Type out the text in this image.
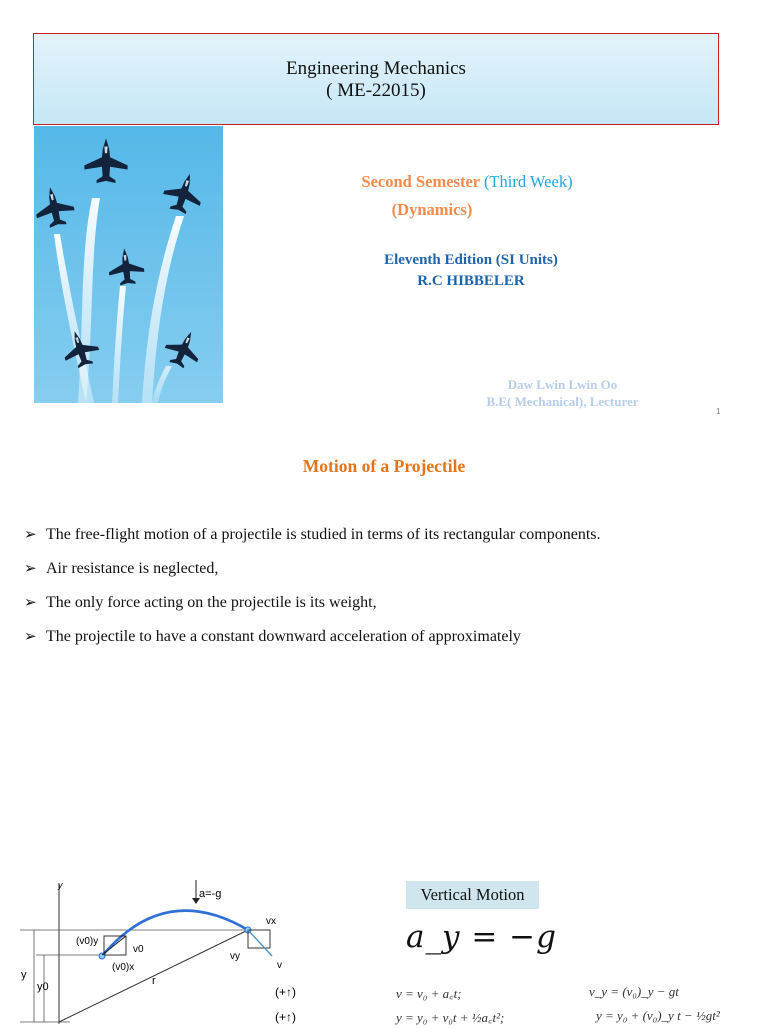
Engineering Mechanics
( ME-22015)
Second Semester (Third Week)
(Dynamics)
Eleventh Edition (SI Units)
R.C HIBBELER
Daw Lwin Lwin Oo
B.E( Mechanical), Lecturer
1
Motion of a Projectile
➢ The free-flight motion of a projectile is studied in terms of its rectangular components.
➢ Air resistance is neglected,
➢ The only force acting on the projectile is its weight,
➢ The projectile to have a constant downward acceleration of approximately
y
y
y0	r
(v0)y
v0
(v0)x
a=-g
vx
vy
v
(+↑)
(+↑)
Vertical Motion
a_y = −g
v = v₀ + a꜀t;	v_y = (v₀)_y − gt
y = y₀ + v₀t + ½a꜀t²;	y = y₀ + (v₀)_y t − ½gt²
